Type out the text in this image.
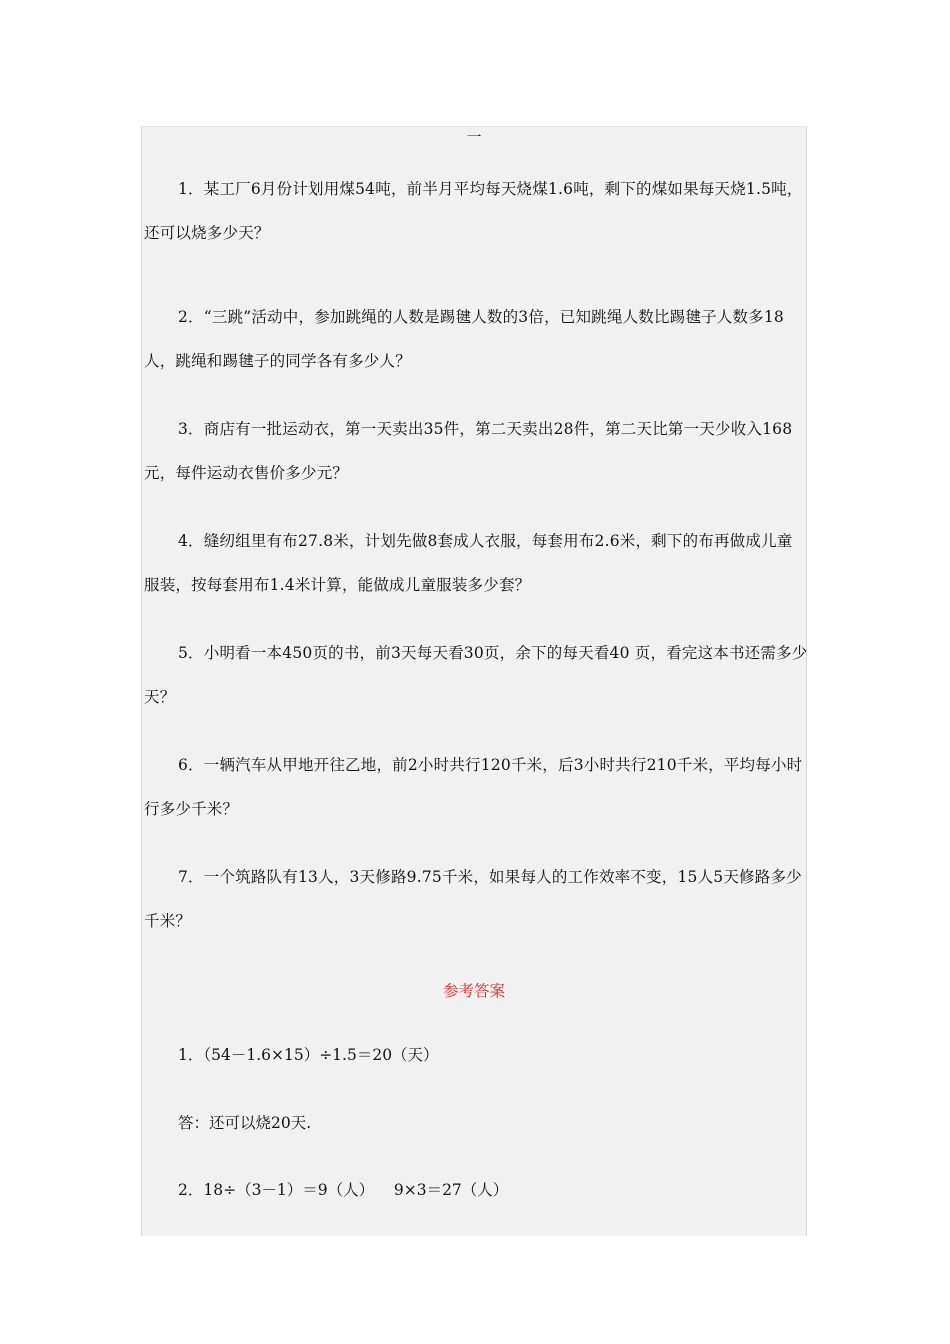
一

1．某工厂6月份计划用煤54吨，前半月平均每天烧煤1.6吨，剩下的煤如果每天烧1.5吨，还可以烧多少天？

2．“三跳”活动中，参加跳绳的人数是踢毽人数的3倍，已知跳绳人数比踢毽子人数多18人，跳绳和踢毽子的同学各有多少人？

3．商店有一批运动衣，第一天卖出35件，第二天卖出28件，第二天比第一天少收入168元，每件运动衣售价多少元？

4．缝纫组里有布27.8米，计划先做8套成人衣服，每套用布2.6米，剩下的布再做成儿童服装，按每套用布1.4米计算，能做成儿童服装多少套？

5．小明看一本450页的书，前3天每天看30页，余下的每天看40 页，看完这本书还需多少天？

6．一辆汽车从甲地开往乙地，前2小时共行120千米，后3小时共行210千米，平均每小时行多少千米？

7．一个筑路队有13人，3天修路9.75千米，如果每人的工作效率不变，15人5天修路多少千米？

参考答案

1．（54－1.6×15）÷1.5＝20（天）

答：还可以烧20天.

2．18÷（3－1）＝9（人）    9×3＝27（人）
